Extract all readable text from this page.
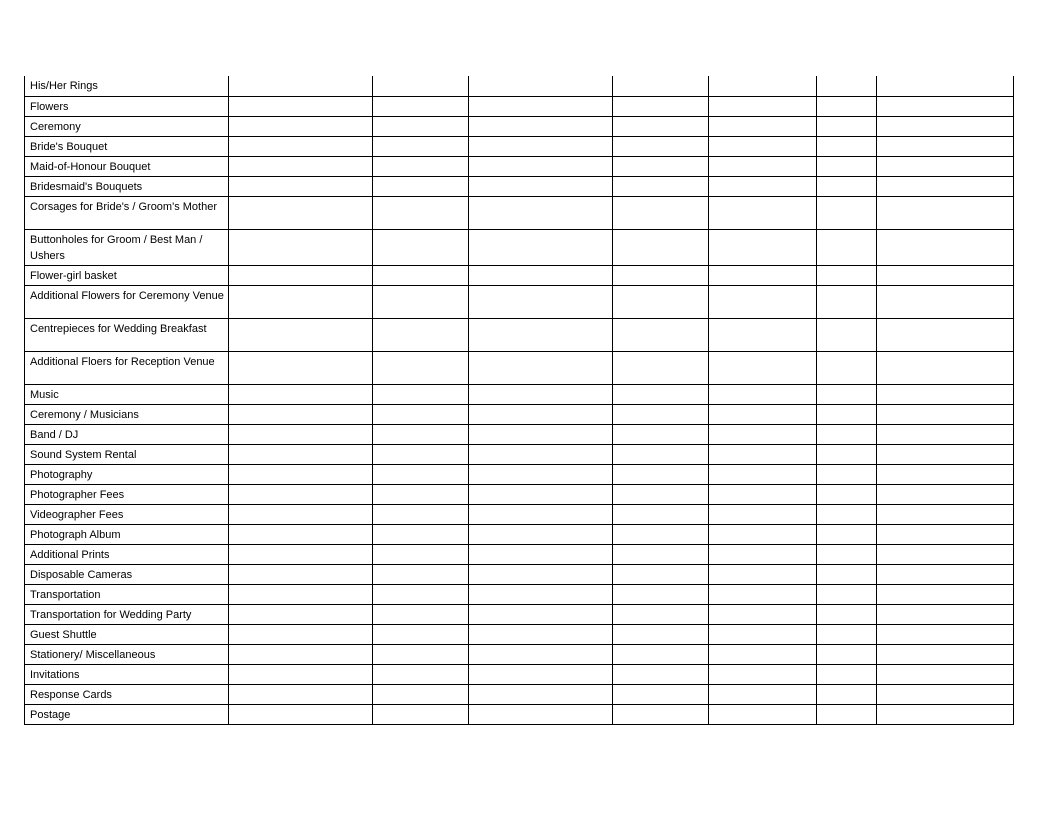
His/Her Rings							
Flowers							
Ceremony							
Bride's Bouquet							
Maid-of-Honour Bouquet							
Bridesmaid's Bouquets							
Corsages for Bride's / Groom's Mother							
Buttonholes for Groom / Best Man / Ushers							
Flower-girl basket							
Additional Flowers for Ceremony Venue							
Centrepieces for Wedding Breakfast							
Additional Floers for Reception Venue							
Music							
Ceremony / Musicians							
Band / DJ							
Sound System Rental							
Photography							
Photographer Fees							
Videographer Fees							
Photograph Album							
Additional Prints							
Disposable Cameras							
Transportation							
Transportation for Wedding Party							
Guest Shuttle							
Stationery/ Miscellaneous							
Invitations							
Response Cards							
Postage							
